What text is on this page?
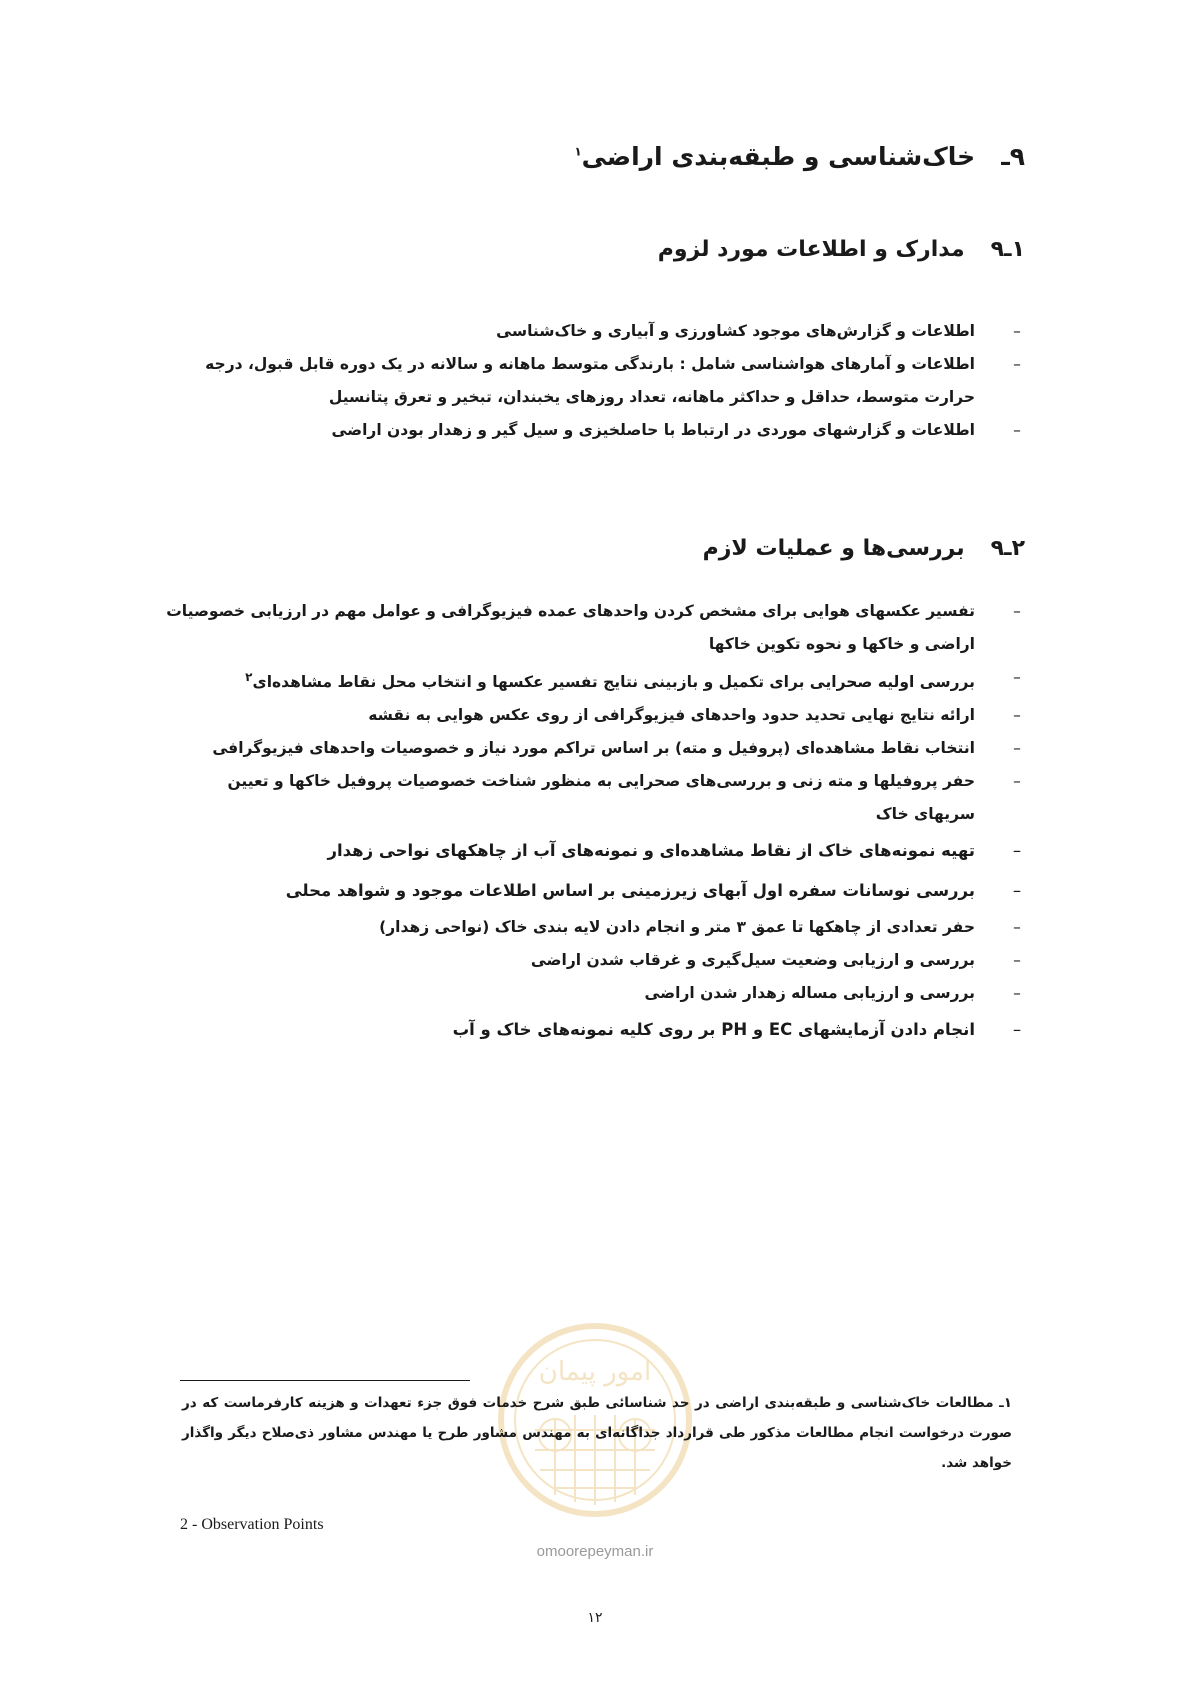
۹ـخاک‌شناسی و طبقه‌بندی اراضی$^۱$
۱ـ۹مدارک و اطلاعات مورد لزوم
–
اطلاعات و گزارش‌های موجود کشاورزی و آبیاری و خاک‌شناسی
–
اطلاعات و آمارهای هواشناسی شامل : بارندگی متوسط ماهانه و سالانه در یک دوره قابل قبول، درجه حرارت متوسط، حداقل و حداکثر ماهانه، تعداد روزهای یخبندان، تبخیر و تعرق پتانسیل
–
اطلاعات و گزارشهای موردی در ارتباط با حاصلخیزی و سیل گیر و زهدار بودن اراضی
۲ـ۹بررسی‌ها و عملیات لازم
–
تفسیر عکسهای هوایی برای مشخص کردن واحدهای عمده فیزیوگرافی و عوامل مهم در ارزیابی خصوصیات اراضی و خاکها و نحوه تکوین خاکها
–
بررسی اولیه صحرایی برای تکمیل و بازبینی نتایج تفسیر عکسها و انتخاب محل نقاط مشاهده‌ای$^۲$
–
ارائه نتایج نهایی تحدید حدود واحدهای فیزیوگرافی از روی عکس هوایی به نقشه
–
انتخاب نقاط مشاهده‌ای (پروفیل و مته) بر اساس تراکم مورد نیاز و خصوصیات واحدهای فیزیوگرافی
–
حفر پروفیلها و مته زنی و بررسی‌های صحرایی به منظور شناخت خصوصیات پروفیل خاکها و تعیین سریهای خاک
–
تهیه نمونه‌های خاک از نقاط مشاهده‌ای و نمونه‌های آب از چاهکهای نواحی زهدار
–
بررسی نوسانات سفره اول آبهای زیرزمینی بر اساس اطلاعات موجود و شواهد محلی
–
حفر تعدادی از چاهکها تا عمق ۳ متر و انجام دادن لایه بندی خاک (نواحی زهدار)
–
بررسی و ارزیابی وضعیت سیل‌گیری و غرقاب شدن اراضی
–
بررسی و ارزیابی مساله زهدار شدن اراضی
–
انجام دادن آزمایشهای EC و PH بر روی کلیه نمونه‌های خاک و آب
امور پیمان
omoorepeyman.ir
۱ـ مطالعات خاک‌شناسی و طبقه‌بندی اراضی در حد شناسائی طبق شرح خدمات فوق جزء تعهدات و هزینه کارفرماست که در صورت درخواست انجام مطالعات مذکور طی قرارداد جداگانه‌ای به مهندس مشاور طرح یا مهندس مشاور ذی‌صلاح دیگر واگذار خواهد شد.
2 - Observation Points
۱۲
